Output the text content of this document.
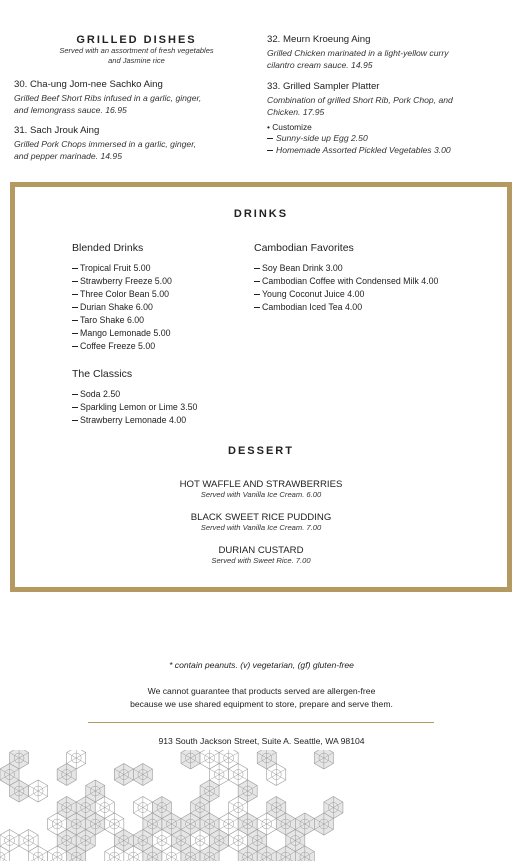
GRILLED DISHES
Served with an assortment of fresh vegetables
and Jasmine rice
30. Cha-ung Jom-nee Sachko Aing
Grilled Beef Short Ribs infused in a garlic, ginger,
and lemongrass sauce. 16.95
31. Sach Jrouk Aing
Grilled Pork Chops immersed in a garlic, ginger,
and pepper marinade. 14.95
32. Meurn Kroeung Aing
Grilled Chicken marinated in a light-yellow curry
cilantro cream sauce. 14.95
33. Grilled Sampler Platter
Combination of grilled Short Rib, Pork Chop, and
Chicken. 17.95
• Customize
Sunny-side up Egg 2.50
Homemade Assorted Pickled Vegetables 3.00
DRINKS
Blended Drinks
Tropical Fruit 5.00
Strawberry Freeze 5.00
Three Color Bean 5.00
Durian Shake 6.00
Taro Shake 6.00
Mango Lemonade 5.00
Coffee Freeze 5.00
The Classics
Soda 2.50
Sparkling Lemon or Lime 3.50
Strawberry Lemonade 4.00
Cambodian Favorites
Soy Bean Drink 3.00
Cambodian Coffee with Condensed Milk 4.00
Young Coconut Juice 4.00
Cambodian Iced Tea 4.00
DESSERT
HOT WAFFLE AND STRAWBERRIES
Served with Vanilla Ice Cream. 6.00
BLACK SWEET RICE PUDDING
Served with Vanilla Ice Cream. 7.00
DURIAN CUSTARD
Served with Sweet Rice. 7.00
* contain peanuts. (v) vegetarian, (gf) gluten-free
We cannot guarantee that products served are allergen-free
because we use shared equipment to store, prepare and serve them.
913 South Jackson Street, Suite A. Seattle, WA 98104
